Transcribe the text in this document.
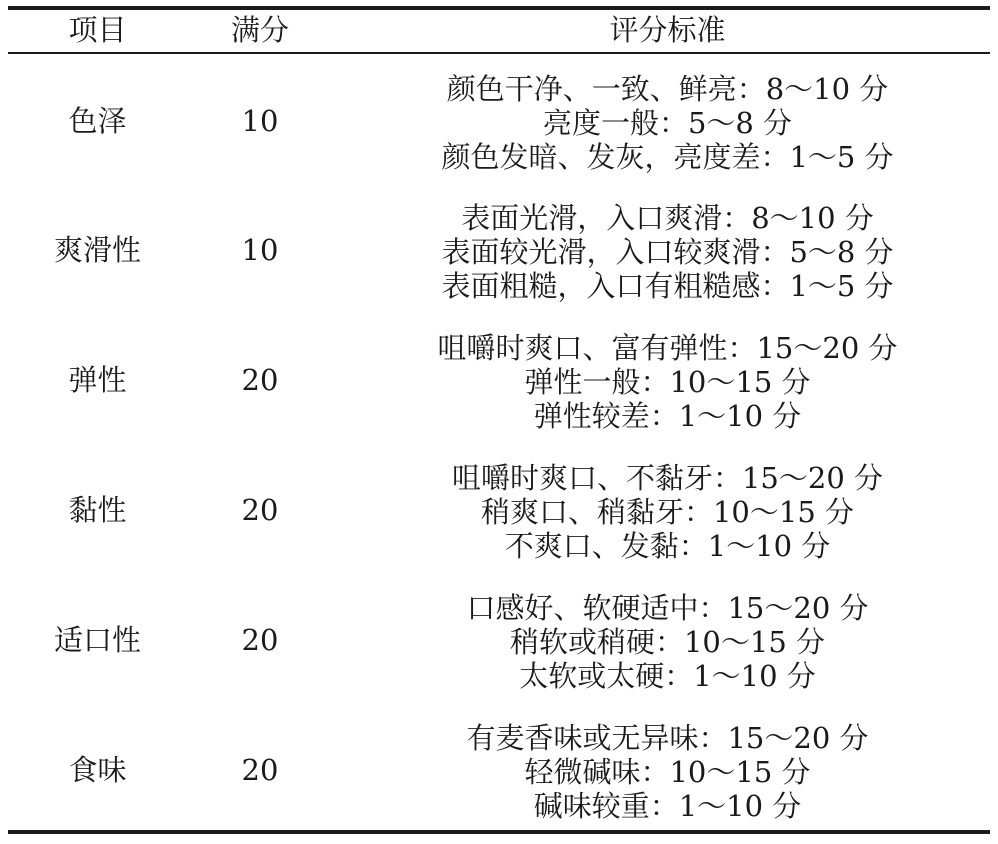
项目	满分	评分标准
色泽	10
颜色干净、一致、鲜亮：8～10 分
亮度一般：5～8 分
颜色发暗、发灰，亮度差：1～5 分
爽滑性	10
表面光滑，入口爽滑：8～10 分
表面较光滑，入口较爽滑：5～8 分
表面粗糙，入口有粗糙感：1～5 分
弹性	20
咀嚼时爽口、富有弹性：15～20 分
弹性一般：10～15 分
弹性较差：1～10 分
黏性	20
咀嚼时爽口、不黏牙：15～20 分
稍爽口、稍黏牙：10～15 分
不爽口、发黏：1～10 分
适口性	20
口感好、软硬适中：15～20 分
稍软或稍硬：10～15 分
太软或太硬：1～10 分
食味	20
有麦香味或无异味：15～20 分
轻微碱味：10～15 分
碱味较重：1～10 分
